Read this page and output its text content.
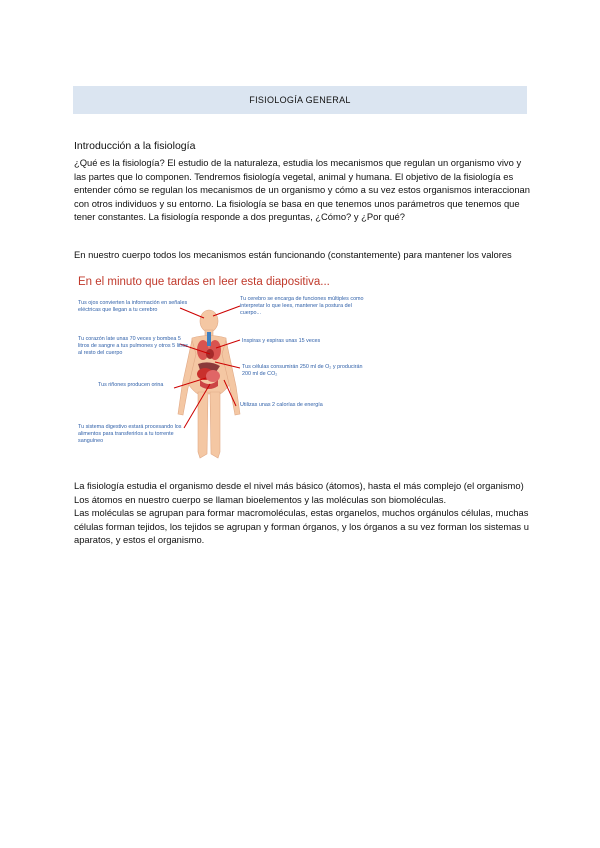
FISIOLOGÍA GENERAL

Introducción a la fisiología

¿Qué es la fisiología? El estudio de la naturaleza, estudia los mecanismos que regulan un organismo vivo y las partes que lo componen. Tendremos fisiología vegetal, animal y humana. El objetivo de la fisiología es entender cómo se regulan los mecanismos de un organismo y cómo a su vez estos organismos interaccionan con otros individuos y su entorno. La fisiología se basa en que tenemos unos parámetros que tenemos que tener constantes. La fisiología responde a dos preguntas, ¿Cómo? y ¿Por qué?

En nuestro cuerpo todos los mecanismos están funcionando (constantemente) para mantener los valores

En el minuto que tardas en leer esta diapositiva...
Tus ojos convierten la información en señales eléctricas que llegan a tu cerebro
Tu cerebro se encarga de funciones múltiples como interpretar lo que lees, mantener la postura del cuerpo...
Tu corazón late unas 70 veces y bombea 5 litros de sangre a tus pulmones y otros 5 litros al resto del cuerpo
Inspiras y espiras unas 15 veces
Tus células consumirán 250 ml de O₂ y producirán 200 ml de CO₂
Tus riñones producen orina
Utilizas unas 2 calorías de energía
Tu sistema digestivo estará procesando los alimentos para transferirlos a tu torrente sanguíneo

La fisiología estudia el organismo desde el nivel más básico (átomos), hasta el más complejo (el organismo)

Los átomos en nuestro cuerpo se llaman bioelementos y las moléculas son biomoléculas.

Las moléculas se agrupan para formar macromoléculas, estas organelos, muchos orgánulos células, muchas células forman tejidos, los tejidos se agrupan y forman órganos, y los órganos a su vez forman los sistemas u aparatos, y estos el organismo.
